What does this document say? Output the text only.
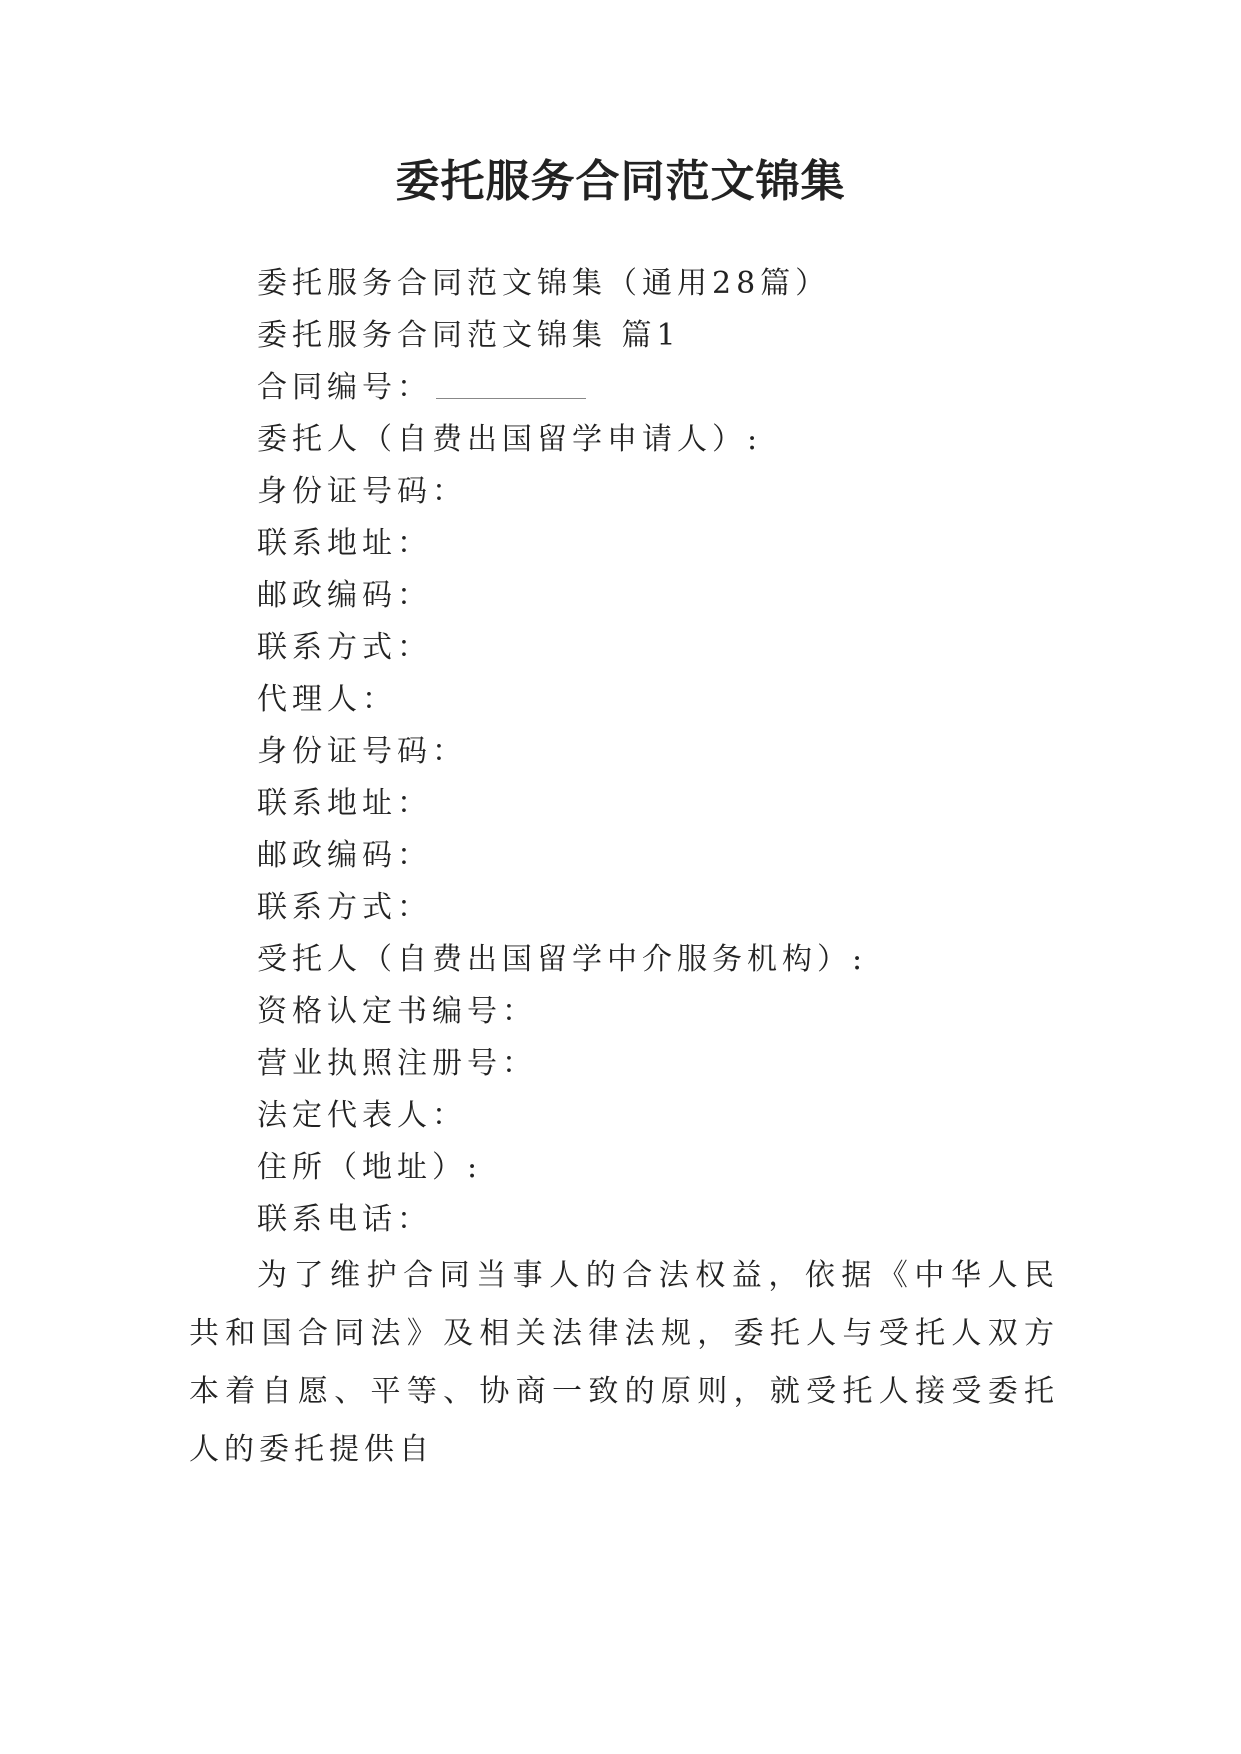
委托服务合同范文锦集

委托服务合同范文锦集（通用28篇）

委托服务合同范文锦集 篇1

合同编号：

委托人（自费出国留学申请人）:

身份证号码：

联系地址：

邮政编码：

联系方式：

代理人：

身份证号码：

联系地址：

邮政编码：

联系方式：

受托人（自费出国留学中介服务机构）:

资格认定书编号：

营业执照注册号：

法定代表人：

住所（地址）:

联系电话：

为了维护合同当事人的合法权益，依据《中华人民共和国合同法》及相关法律法规，委托人与受托人双方本着自愿、平等、协商一致的原则，就受托人接受委托人的委托提供自
